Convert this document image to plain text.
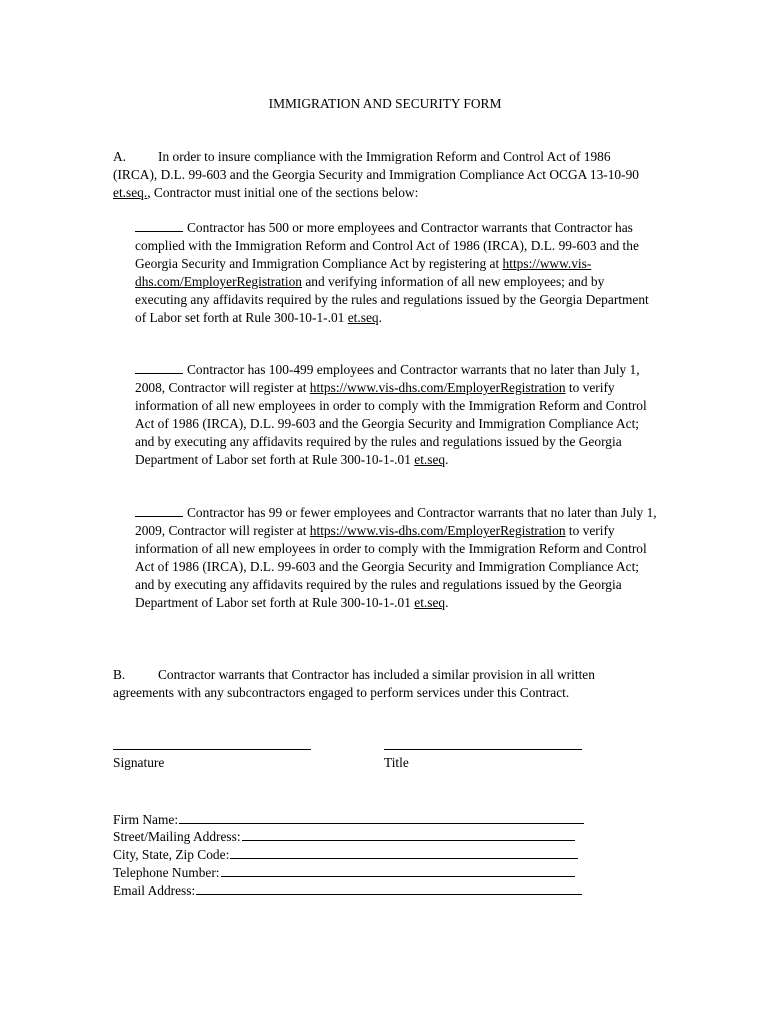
IMMIGRATION AND SECURITY FORM

A. In order to insure compliance with the Immigration Reform and Control Act of 1986 (IRCA), D.L. 99-603 and the Georgia Security and Immigration Compliance Act OCGA 13-10-90 et.seq., Contractor must initial one of the sections below:

Contractor has 500 or more employees and Contractor warrants that Contractor has complied with the Immigration Reform and Control Act of 1986 (IRCA), D.L. 99-603 and the Georgia Security and Immigration Compliance Act by registering at https://www.vis-dhs.com/EmployerRegistration and verifying information of all new employees; and by executing any affidavits required by the rules and regulations issued by the Georgia Department of Labor set forth at Rule 300-10-1-.01 et.seq.

Contractor has 100-499 employees and Contractor warrants that no later than July 1, 2008, Contractor will register at https://www.vis-dhs.com/EmployerRegistration to verify information of all new employees in order to comply with the Immigration Reform and Control Act of 1986 (IRCA), D.L. 99-603 and the Georgia Security and Immigration Compliance Act; and by executing any affidavits required by the rules and regulations issued by the Georgia Department of Labor set forth at Rule 300-10-1-.01 et.seq.

Contractor has 99 or fewer employees and Contractor warrants that no later than July 1, 2009, Contractor will register at https://www.vis-dhs.com/EmployerRegistration to verify information of all new employees in order to comply with the Immigration Reform and Control Act of 1986 (IRCA), D.L. 99-603 and the Georgia Security and Immigration Compliance Act; and by executing any affidavits required by the rules and regulations issued by the Georgia Department of Labor set forth at Rule 300-10-1-.01 et.seq.

B. Contractor warrants that Contractor has included a similar provision in all written agreements with any subcontractors engaged to perform services under this Contract.

Signature	Title
Firm Name:
Street/Mailing Address:
City, State, Zip Code:
Telephone Number:
Email Address:
